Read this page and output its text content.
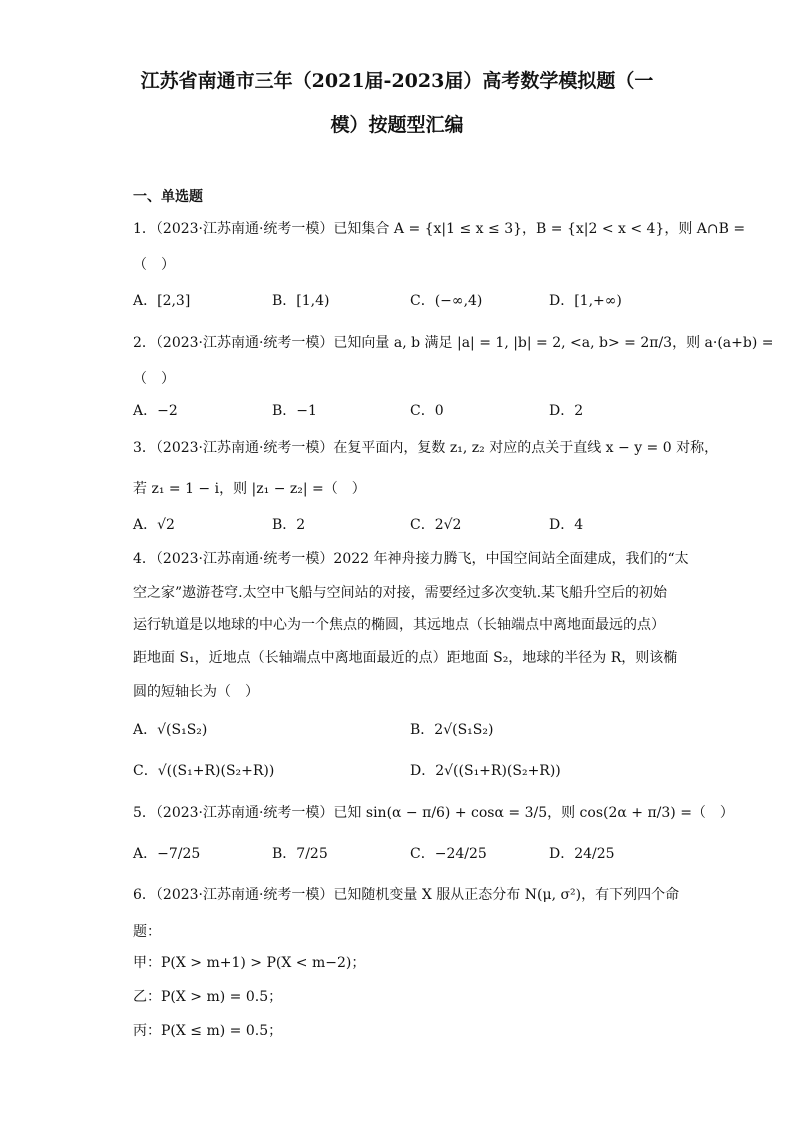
江苏省南通市三年（2021届-2023届）高考数学模拟题（一
模）按题型汇编
一、单选题
1．（2023·江苏南通·统考一模）已知集合 A = {x|1 ≤ x ≤ 3}，B = {x|2 < x < 4}，则 A∩B =
（　）
A．[2,3]	B．[1,4)	C．(−∞,4)	D．[1,+∞)
2．（2023·江苏南通·统考一模）已知向量 a, b 满足 |a| = 1, |b| = 2, <a, b> = 2π/3，则 a·(a+b) =
（　）
A．−2	B．−1	C．0	D．2
3．（2023·江苏南通·统考一模）在复平面内，复数 z₁, z₂ 对应的点关于直线 x − y = 0 对称，
若 z₁ = 1 − i，则 |z₁ − z₂| =（　）
A．√2	B．2	C．2√2	D．4
4．（2023·江苏南通·统考一模）2022 年神舟接力腾飞，中国空间站全面建成，我们的“太
空之家”遨游苍穹.太空中飞船与空间站的对接，需要经过多次变轨.某飞船升空后的初始
运行轨道是以地球的中心为一个焦点的椭圆，其远地点（长轴端点中离地面最远的点）
距地面 S₁，近地点（长轴端点中离地面最近的点）距地面 S₂，地球的半径为 R，则该椭
圆的短轴长为（　）
A．√(S₁S₂)	B．2√(S₁S₂)
C．√((S₁+R)(S₂+R))	D．2√((S₁+R)(S₂+R))
5．（2023·江苏南通·统考一模）已知 sin(α − π/6) + cosα = 3/5，则 cos(2α + π/3) =（　）
A．−7/25	B．7/25	C．−24/25	D．24/25
6．（2023·江苏南通·统考一模）已知随机变量 X 服从正态分布 N(μ, σ²)，有下列四个命
题：
甲：P(X > m+1) > P(X < m−2)；
乙：P(X > m) = 0.5；
丙：P(X ≤ m) = 0.5；
